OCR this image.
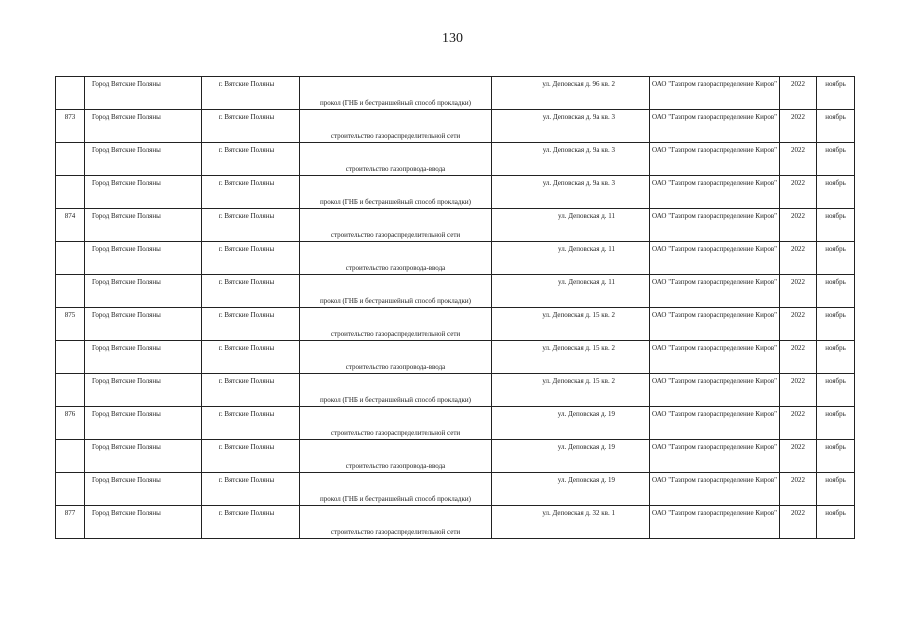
130

	Город Вятские Поляны	г. Вятские Поляны	прокол (ГНБ и бестраншейный способ прокладки)	ул. Деповская д. 96 кв. 2	ОАО "Газпром газораспределение Киров"	2022	ноябрь

873	Город Вятские Поляны	г. Вятские Поляны	строительство газораспределительной сети	ул. Деповская д. 9а кв. 3	ОАО "Газпром газораспределение Киров"	2022	ноябрь

	Город Вятские Поляны	г. Вятские Поляны	строительство газопровода-ввода	ул. Деповская д. 9а кв. 3	ОАО "Газпром газораспределение Киров"	2022	ноябрь

	Город Вятские Поляны	г. Вятские Поляны	прокол (ГНБ и бестраншейный способ прокладки)	ул. Деповская д. 9а кв. 3	ОАО "Газпром газораспределение Киров"	2022	ноябрь

874	Город Вятские Поляны	г. Вятские Поляны	строительство газораспределительной сети	ул. Деповская д. 11	ОАО "Газпром газораспределение Киров"	2022	ноябрь

	Город Вятские Поляны	г. Вятские Поляны	строительство газопровода-ввода	ул. Деповская д. 11	ОАО "Газпром газораспределение Киров"	2022	ноябрь

	Город Вятские Поляны	г. Вятские Поляны	прокол (ГНБ и бестраншейный способ прокладки)	ул. Деповская д. 11	ОАО "Газпром газораспределение Киров"	2022	ноябрь

875	Город Вятские Поляны	г. Вятские Поляны	строительство газораспределительной сети	ул. Деповская д. 15 кв. 2	ОАО "Газпром газораспределение Киров"	2022	ноябрь

	Город Вятские Поляны	г. Вятские Поляны	строительство газопровода-ввода	ул. Деповская д. 15 кв. 2	ОАО "Газпром газораспределение Киров"	2022	ноябрь

	Город Вятские Поляны	г. Вятские Поляны	прокол (ГНБ и бестраншейный способ прокладки)	ул. Деповская д. 15 кв. 2	ОАО "Газпром газораспределение Киров"	2022	ноябрь

876	Город Вятские Поляны	г. Вятские Поляны	строительство газораспределительной сети	ул. Деповская д. 19	ОАО "Газпром газораспределение Киров"	2022	ноябрь

	Город Вятские Поляны	г. Вятские Поляны	строительство газопровода-ввода	ул. Деповская д. 19	ОАО "Газпром газораспределение Киров"	2022	ноябрь

	Город Вятские Поляны	г. Вятские Поляны	прокол (ГНБ и бестраншейный способ прокладки)	ул. Деповская д. 19	ОАО "Газпром газораспределение Киров"	2022	ноябрь

877	Город Вятские Поляны	г. Вятские Поляны	строительство газораспределительной сети	ул. Деповская д. 32 кв. 1	ОАО "Газпром газораспределение Киров"	2022	ноябрь
